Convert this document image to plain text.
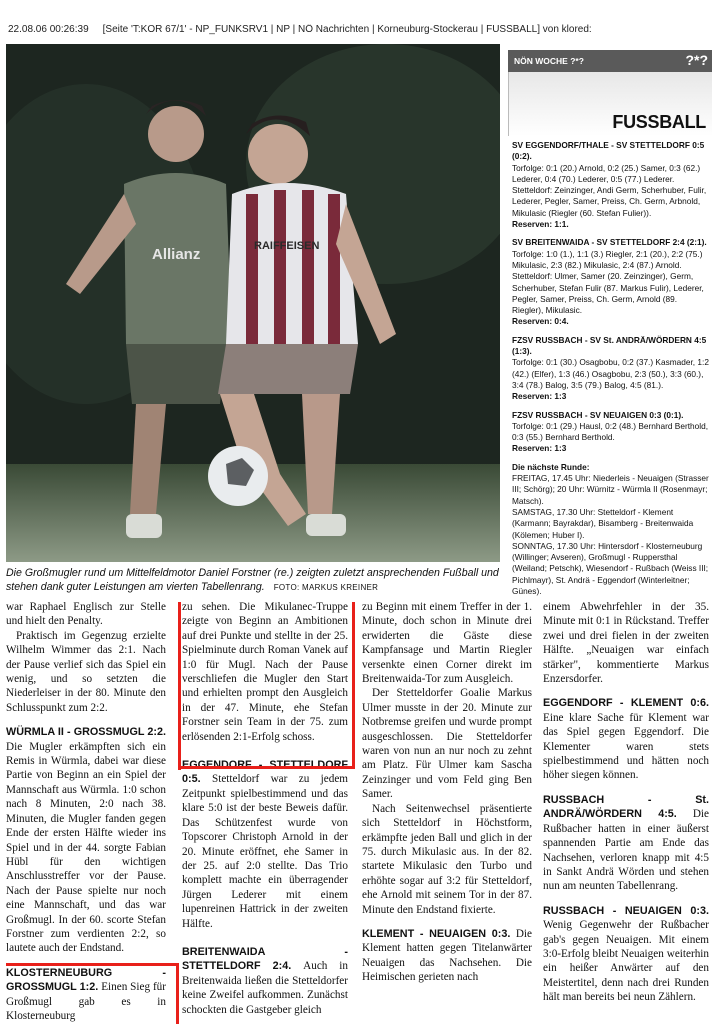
22.08.06 00:26:39 [Seite 'T:KOR 67/1' - NP_FUNKSRV1 | NP | NÖ Nachrichten | Korneuburg-Stockerau | FUSSBALL] von klored:
Allianz	RAIFFEISEN
Die Großmugler rund um Mittelfeldmotor Daniel Forstner (re.) zeigten zuletzt ansprechenden Fußball und stehen dank guter Leistungen am vierten Tabellenrang. FOTO: MARKUS KREINER
NÖN WOCHE ?*?	?*?
FUSSBALL
SV EGGENDORF/THALE - SV STETTELDORF 0:5 (0:2).
Torfolge: 0:1 (20.) Arnold, 0:2 (25.) Samer, 0:3 (62.) Lederer, 0:4 (70.) Lederer, 0:5 (77.) Lederer.
Stetteldorf: Zeinzinger, Andi Germ, Scherhuber, Fulir, Lederer, Pegler, Samer, Preiss, Ch. Germ, Arbnold, Mikulasic (Riegler (60. Stefan Fulier)).
Reserven: 1:1.
SV BREITENWAIDA - SV STETTELDORF 2:4 (2:1).
Torfolge: 1:0 (1.), 1:1 (3.) Riegler, 2:1 (20.), 2:2 (75.) Mikulasic, 2:3 (82.) Mikulasic, 2:4 (87.) Arnold.
Stetteldorf: Ulmer, Samer (20. Zeinzinger), Germ, Scherhuber, Stefan Fulir (87. Markus Fulir), Lederer, Pegler, Samer, Preiss, Ch. Germ, Arnold (89. Riegler), Mikulasic.
Reserven: 0:4.
FZSV RUSSBACH - SV St. ANDRÄ/WÖRDERN 4:5 (1:3).
Torfolge: 0:1 (30.) Osagbobu, 0:2 (37.) Kasmader, 1:2 (42.) (Elfer), 1:3 (46.) Osagbobu, 2:3 (50.), 3:3 (60.), 3:4 (78.) Balog, 3:5 (79.) Balog, 4:5 (81.).
Reserven: 1:3
FZSV RUSSBACH - SV NEUAIGEN 0:3 (0:1).
Torfolge: 0:1 (29.) Hausl, 0:2 (48.) Bernhard Berthold, 0:3 (55.) Bernhard Berthold.
Reserven: 1:3
Die nächste Runde:
FREITAG, 17.45 Uhr: Niederleis - Neuaigen (Strasser III; Schörg); 20 Uhr: Würnitz - Würmla II (Rosenmayr; Matsch).
SAMSTAG, 17.30 Uhr: Stetteldorf - Klement (Karmann; Bayrakdar), Bisamberg - Breitenwaida (Kölemen; Huber I).
SONNTAG, 17.30 Uhr: Hintersdorf - Klosterneuburg (Willinger; Avseren), Großmugl - Ruppersthal (Weiland; Petschk), Wiesendorf - Rußbach (Weiss III; Pichlmayr), St. Andrä - Eggendorf (Winterleitner; Günes).

war Raphael Englisch zur Stelle und hielt den Penalty.

Praktisch im Gegenzug erzielte Wilhelm Wimmer das 2:1. Nach der Pause verlief sich das Spiel ein wenig, und so setzten die Niederleiser in der 80. Minute den Schlusspunkt zum 2:2.

WÜRMLA II - GROSSMUGL 2:2.

Die Mugler erkämpften sich ein Remis in Würmla, dabei war diese Partie von Beginn an ein Spiel der Mannschaft aus Würmla. 1:0 schon nach 8 Minuten, 2:0 nach 38. Minuten, die Mugler fanden gegen Ende der ersten Hälfte wieder ins Spiel und in der 44. sorgte Fabian Hübl für den wichtigen Anschlusstreffer vor der Pause. Nach der Pause spielte nur noch eine Mannschaft, und das war Großmugl. In der 60. scorte Stefan Forstner zum verdienten 2:2, so lautete auch der Endstand.

KLOSTERNEUBURG - GROSSMUGL 1:2. Einen Sieg für Großmugl gab es in Klosterneuburg

zu sehen. Die Mikulanec-Truppe zeigte von Beginn an Ambitionen auf drei Punkte und stellte in der 25. Spielminute durch Roman Vanek auf 1:0 für Mugl. Nach der Pause verschliefen die Mugler den Start und erhielten prompt den Ausgleich in der 47. Minute, ehe Stefan Forstner sein Team in der 75. zum erlösenden 2:1-Erfolg schoss.

0:5. Stetteldorf war zu jedem Zeitpunkt spielbestimmend und das klare 5:0 ist der beste Beweis dafür. Das Schützenfest wurde von Topscorer Christoph Arnold in der 20. Minute eröffnet, ehe Samer in der 25. auf 2:0 stellte. Das Trio komplett machte ein überragender Jürgen Lederer mit einem lupenreinen Hattrick in der zweiten Hälfte.

BREITENWAIDA - STETTELDORF 2:4. Auch in Breitenwaida ließen die Stetteldorfer keine Zweifel aufkommen. Zunächst schockten die Gastgeber gleich

zu Beginn mit einem Treffer in der 1. Minute, doch schon in Minute drei erwiderten die Gäste diese Kampfansage und Martin Riegler versenkte einen Corner direkt im Breitenwaida-Tor zum Ausgleich.

Der Stetteldorfer Goalie Markus Ulmer musste in der 20. Minute zur Notbremse greifen und wurde prompt ausgeschlossen. Die Stetteldorfer waren von nun an nur noch zu zehnt am Platz. Für Ulmer kam Sascha Zeinzinger und vom Feld ging Ben Samer.

Nach Seitenwechsel präsentierte sich Stetteldorf in Höchstform, erkämpfte jeden Ball und glich in der 75. durch Mikulasic aus. In der 82. startete Mikulasic den Turbo und erhöhte sogar auf 3:2 für Stetteldorf, ehe Arnold mit seinem Tor in der 87. Minute den Endstand fixierte.

KLEMENT - NEUAIGEN 0:3. Die Klement hatten gegen Titelanwärter Neuaigen das Nachsehen. Die Heimischen gerieten nach

einem Abwehrfehler in der 35. Minute mit 0:1 in Rückstand. Treffer zwei und drei fielen in der zweiten Hälfte. „Neuaigen war einfach stärker", kommentierte Markus Enzersdorfer.

EGGENDORF - KLEMENT 0:6.

Eine klare Sache für Klement war das Spiel gegen Eggendorf. Die Klementer waren stets spielbestimmend und hätten noch höher siegen können.

RUSSBACH - St. ANDRÄ/WÖRDERN 4:5. Die Rußbacher hatten in einer äußerst spannenden Partie am Ende das Nachsehen, verloren knapp mit 4:5 in Sankt Andrä Wörden und stehen nun am neunten Tabellenrang.

RUSSBACH - NEUAIGEN 0:3.

Wenig Gegenwehr der Rußbacher gab's gegen Neuaigen. Mit einem 3:0-Erfolg bleibt Neuaigen weiterhin ein heißer Anwärter auf den Meistertitel, denn nach drei Runden hält man bereits bei neun Zählern.
